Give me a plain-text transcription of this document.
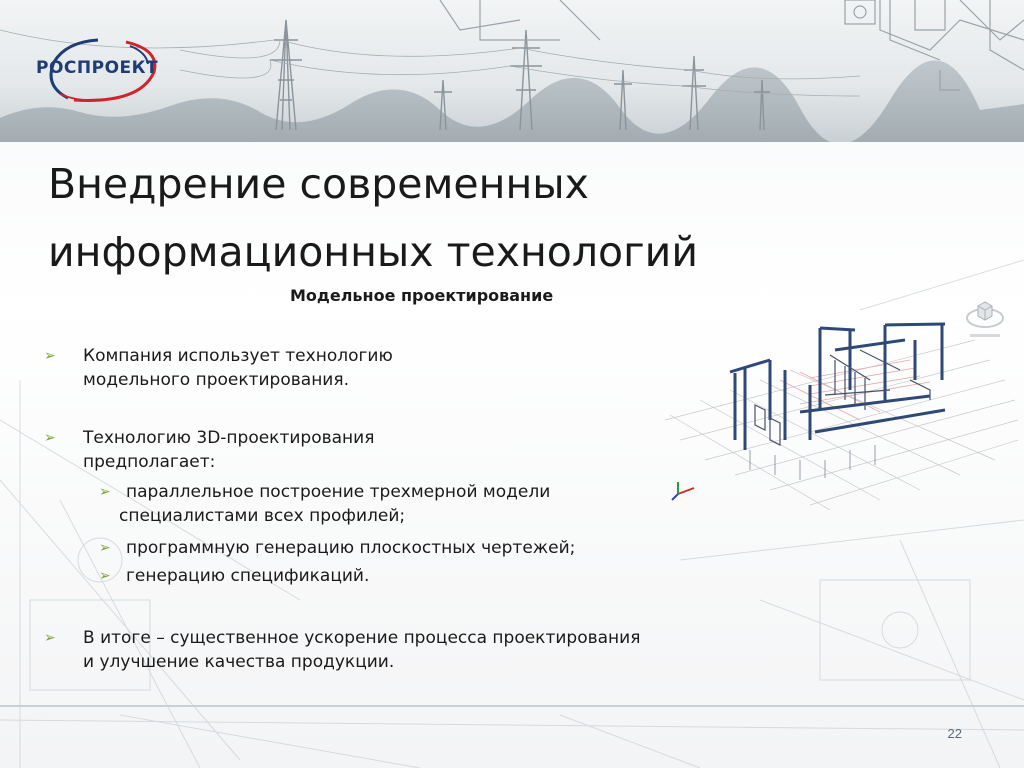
РОСПРОЕКТ
Внедрение современных
информационных технологий
Модельное проектирование
➢ Компания использует технологию
модельного проектирования.
➢ Технологию 3D-проектирования
предполагает:
➢ параллельное построение трехмерной модели
специалистами всех профилей;
➢ программную генерацию плоскостных чертежей;
➢ генерацию спецификаций.
➢ В итоге – существенное ускорение процесса проектирования
и улучшение качества продукции.
22
